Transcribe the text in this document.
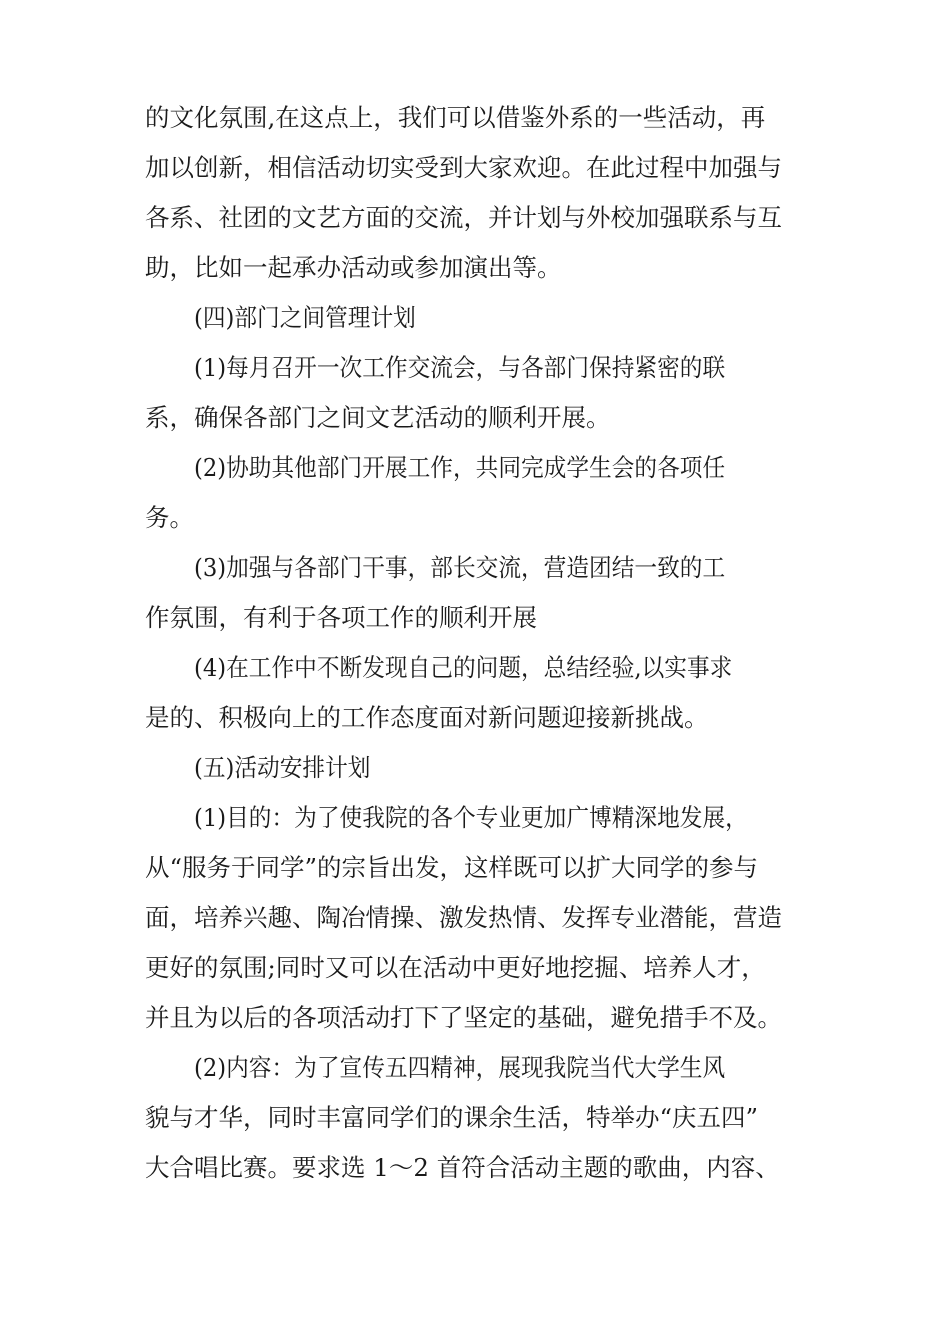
的文化氛围,在这点上，我们可以借鉴外系的一些活动，再
加以创新，相信活动切实受到大家欢迎。在此过程中加强与
各系、社团的文艺方面的交流，并计划与外校加强联系与互
助，比如一起承办活动或参加演出等。
(四)部门之间管理计划
(1)每月召开一次工作交流会，与各部门保持紧密的联
系，确保各部门之间文艺活动的顺利开展。
(2)协助其他部门开展工作，共同完成学生会的各项任
务。
(3)加强与各部门干事，部长交流，营造团结一致的工
作氛围，有利于各项工作的顺利开展
(4)在工作中不断发现自己的问题，总结经验,以实事求
是的、积极向上的工作态度面对新问题迎接新挑战。
(五)活动安排计划
(1)目的：为了使我院的各个专业更加广博精深地发展，
从“服务于同学”的宗旨出发，这样既可以扩大同学的参与
面，培养兴趣、陶冶情操、激发热情、发挥专业潜能，营造
更好的氛围;同时又可以在活动中更好地挖掘、培养人才，
并且为以后的各项活动打下了坚定的基础，避免措手不及。
(2)内容：为了宣传五四精神，展现我院当代大学生风
貌与才华，同时丰富同学们的课余生活，特举办“庆五四”
大合唱比赛。要求选 1～2 首符合活动主题的歌曲，内容、
